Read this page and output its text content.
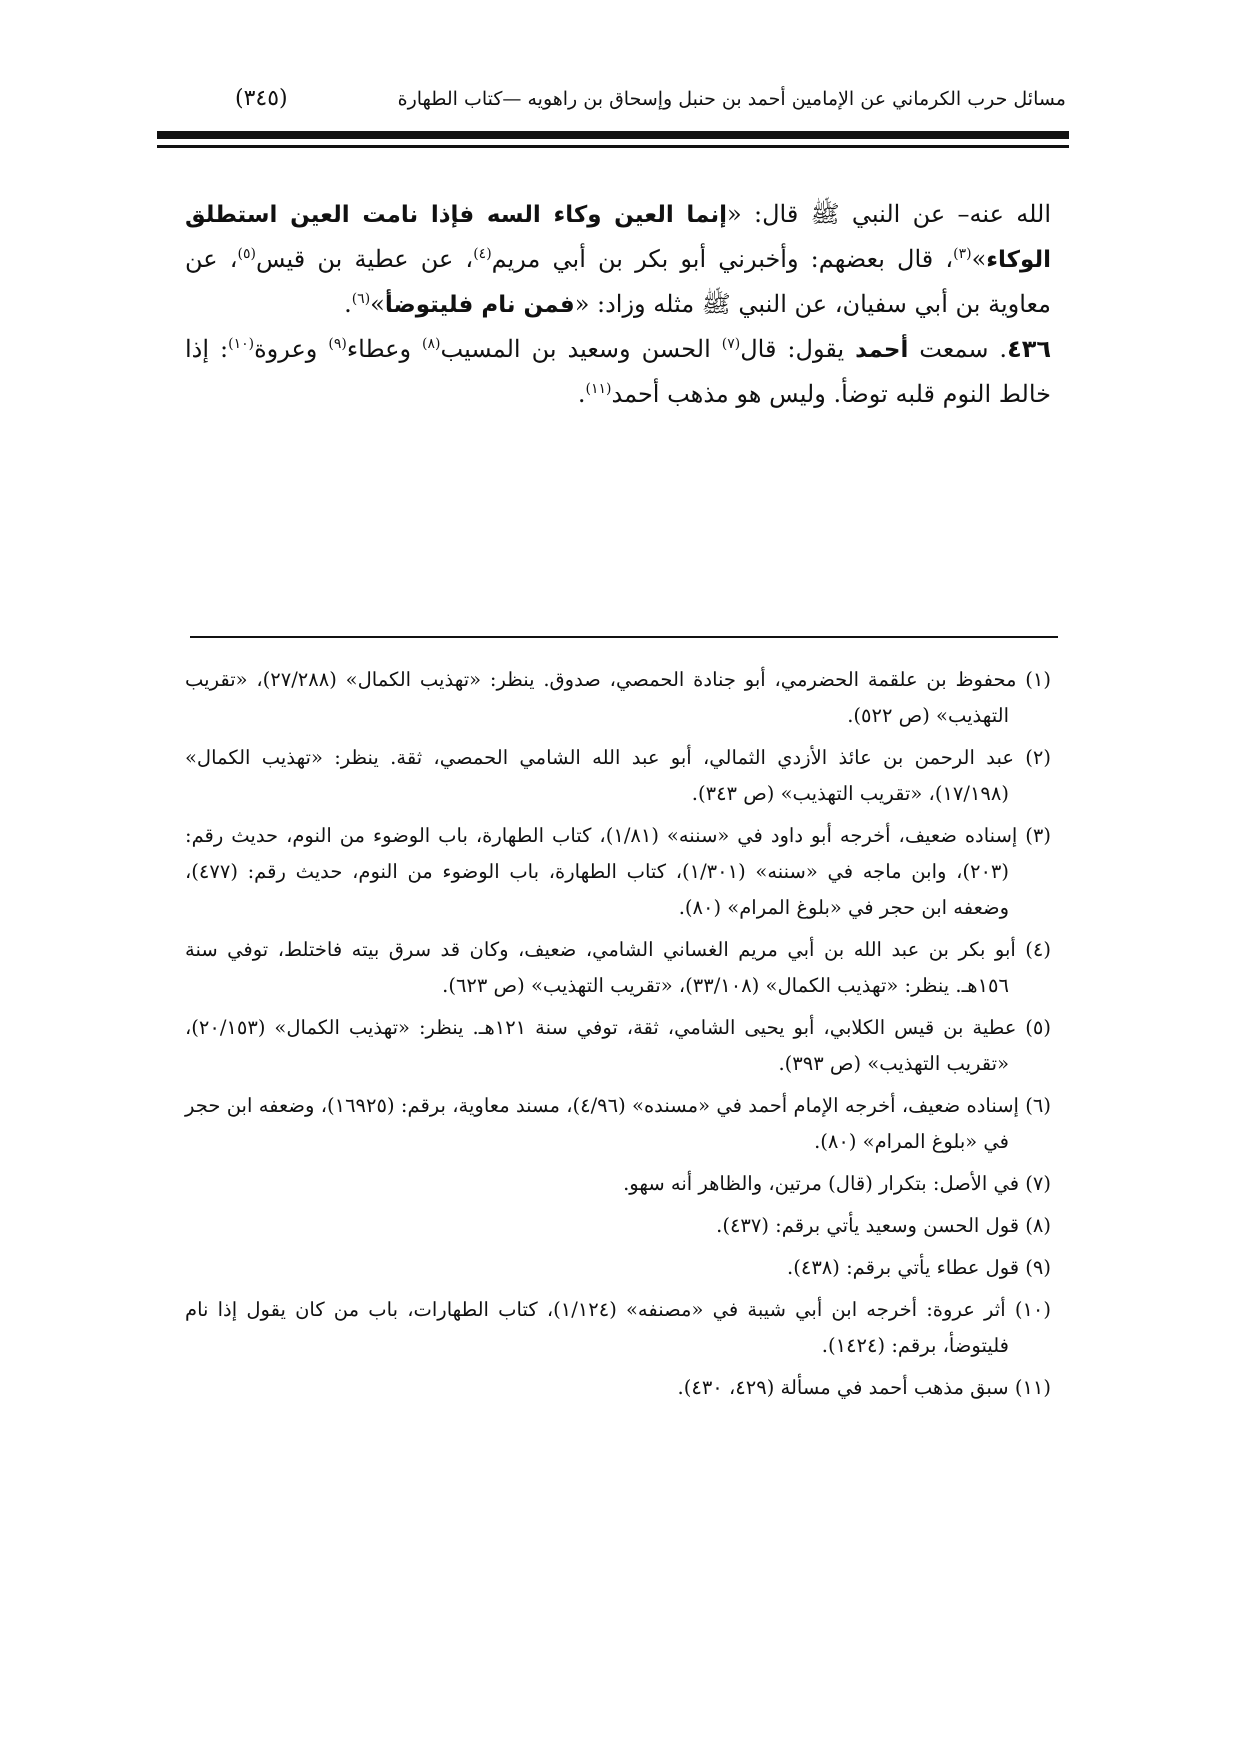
مسائل حرب الكرماني عن الإمامين أحمد بن حنبل وإسحاق بن راهويه —كتاب الطهارة
(٣٤٥)

الله عنه– عن النبي ﷺ قال: «إنما العين وكاء السه فإذا نامت العين استطلق الوكاء»$^{(٣)}$، قال بعضهم: وأخبرني أبو بكر بن أبي مريم$^{(٤)}$، عن عطية بن قيس$^{(٥)}$، عن معاوية بن أبي سفيان، عن النبي ﷺ مثله وزاد: «فمن نام فليتوضأ»$^{(٦)}$.

٤٣٦. سمعت أحمد يقول: قال$^{(٧)}$ الحسن وسعيد بن المسيب$^{(٨)}$ وعطاء$^{(٩)}$ وعروة$^{(١٠)}$: إذا خالط النوم قلبه توضأ. وليس هو مذهب أحمد$^{(١١)}$.

(١) محفوظ بن علقمة الحضرمي، أبو جنادة الحمصي، صدوق. ينظر: «تهذيب الكمال» (٢٧/٢٨٨)، «تقريب التهذيب» (ص ٥٢٢).

(٢) عبد الرحمن بن عائذ الأزدي الثمالي، أبو عبد الله الشامي الحمصي، ثقة. ينظر: «تهذيب الكمال» (١٧/١٩٨)، «تقريب التهذيب» (ص ٣٤٣).

(٣) إسناده ضعيف، أخرجه أبو داود في «سننه» (١/٨١)، كتاب الطهارة، باب الوضوء من النوم، حديث رقم: (٢٠٣)، وابن ماجه في «سننه» (١/٣٠١)، كتاب الطهارة، باب الوضوء من النوم، حديث رقم: (٤٧٧)، وضعفه ابن حجر في «بلوغ المرام» (٨٠).

(٤) أبو بكر بن عبد الله بن أبي مريم الغساني الشامي، ضعيف، وكان قد سرق بيته فاختلط، توفي سنة ١٥٦هـ. ينظر: «تهذيب الكمال» (٣٣/١٠٨)، «تقريب التهذيب» (ص ٦٢٣).

(٥) عطية بن قيس الكلابي، أبو يحيى الشامي، ثقة، توفي سنة ١٢١هـ. ينظر: «تهذيب الكمال» (٢٠/١٥٣)، «تقريب التهذيب» (ص ٣٩٣).

(٦) إسناده ضعيف، أخرجه الإمام أحمد في «مسنده» (٤/٩٦)، مسند معاوية، برقم: (١٦٩٢٥)، وضعفه ابن حجر في «بلوغ المرام» (٨٠).

(٧) في الأصل: بتكرار (قال) مرتين، والظاهر أنه سهو.

(٨) قول الحسن وسعيد يأتي برقم: (٤٣٧).

(٩) قول عطاء يأتي برقم: (٤٣٨).

(١٠) أثر عروة: أخرجه ابن أبي شيبة في «مصنفه» (١/١٢٤)، كتاب الطهارات، باب من كان يقول إذا نام فليتوضأ، برقم: (١٤٢٤).

(١١) سبق مذهب أحمد في مسألة (٤٢٩، ٤٣٠).
